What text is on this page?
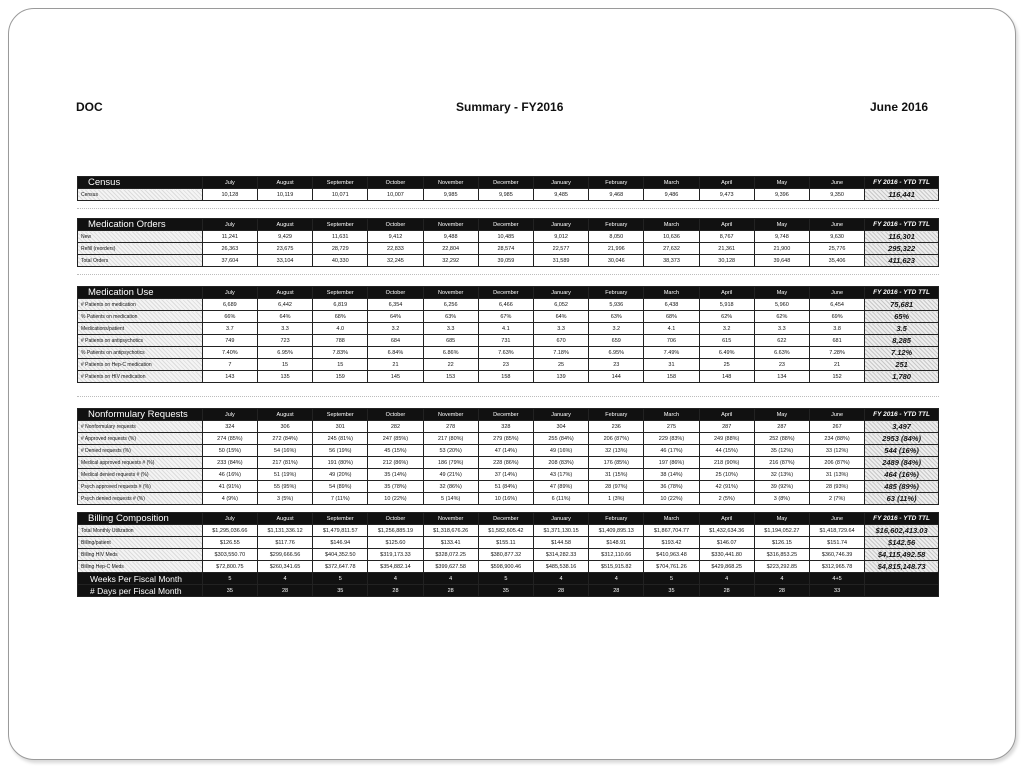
DOC	Summary - FY2016	June 2016
Census	July	August	September	October	November	December	January	February	March	April	May	June	FY 2016 - YTD TTL
Census	10,128	10,119	10,071	10,007	9,985	9,985	9,485	9,468	9,486	9,473	9,396	9,350	116,441
Medication Orders	July	August	September	October	November	December	January	February	March	April	May	June	FY 2016 - YTD TTL
New	11,241	9,429	11,631	9,412	9,488	10,485	9,012	8,050	10,636	8,767	9,748	9,630	116,301
Refill (reorders)	26,363	23,675	28,729	22,833	22,804	28,574	22,577	21,996	27,632	21,361	21,900	25,776	295,322
Total Orders	37,604	33,104	40,330	32,245	32,292	39,059	31,589	30,046	38,373	30,128	39,648	35,406	411,623
Medication Use	July	August	September	October	November	December	January	February	March	April	May	June	FY 2016 - YTD TTL
# Patients on medication	6,689	6,442	6,819	6,354	6,256	6,466	6,052	5,936	6,438	5,918	5,960	6,454	75,681
% Patients on medication	66%	64%	68%	64%	63%	67%	64%	63%	68%	62%	62%	69%	65%
Medications/patient	3.7	3.3	4.0	3.2	3.3	4.1	3.3	3.2	4.1	3.2	3.3	3.8	3.5
# Patients on antipsychotics	749	723	788	684	685	731	670	659	706	615	622	681	8,285
% Patients on antipsychotics	7.40%	6.95%	7.83%	6.84%	6.86%	7.63%	7.18%	6.95%	7.49%	6.49%	6.63%	7.28%	7.12%
# Patients on Hep-C medication	7	15	15	21	22	23	25	23	31	25	23	21	251
# Patients on HIV medication	143	135	159	145	153	158	139	144	158	148	134	152	1,780
Nonformulary Requests	July	August	September	October	November	December	January	February	March	April	May	June	FY 2016 - YTD TTL
# Nonformulary requests	324	306	301	282	278	328	304	236	275	287	287	267	3,497
# Approved requests (%)	274 (85%)	272 (84%)	245 (81%)	247 (85%)	217 (80%)	279 (85%)	255 (84%)	206 (87%)	229 (83%)	249 (88%)	252 (88%)	234 (88%)	2953 (84%)
# Denied requests (%)	50 (15%)	54 (16%)	56 (19%)	45 (15%)	53 (20%)	47 (14%)	49 (16%)	32 (13%)	46 (17%)	44 (15%)	35 (12%)	33 (12%)	544 (16%)
Medical approved requests # (%)	233 (84%)	217 (81%)	191 (80%)	212 (86%)	186 (79%)	228 (86%)	208 (83%)	176 (85%)	197 (86%)	218 (90%)	216 (87%)	206 (87%)	2489 (84%)
Medical denied requests # (%)	46 (16%)	51 (19%)	49 (20%)	35 (14%)	49 (21%)	37 (14%)	43 (17%)	31 (15%)	38 (14%)	25 (10%)	32 (13%)	31 (13%)	464 (16%)
Psych approved requests # (%)	41 (91%)	55 (95%)	54 (89%)	35 (78%)	32 (86%)	51 (84%)	47 (89%)	28 (97%)	36 (78%)	42 (91%)	39 (92%)	28 (93%)	485 (89%)
Psych denied requests # (%)	4 (9%)	3 (5%)	7 (11%)	10 (22%)	5 (14%)	10 (16%)	6 (11%)	1 (3%)	10 (22%)	2 (5%)	3 (8%)	2 (7%)	63 (11%)
Billing Composition	July	August	September	October	November	December	January	February	March	April	May	June	FY 2016 - YTD TTL
Total Monthly Utilization	$1,295,036.66	$1,131,336.12	$1,479,811.57	$1,256,885.19	$1,318,676.26	$1,582,605.42	$1,371,130.15	$1,409,895.13	$1,867,704.77	$1,432,634.36	$1,194,052.27	$1,418,729.64	$16,602,413.03
Billing/patient	$126.55	$117.76	$146.94	$125.60	$133.41	$155.11	$144.58	$148.91	$193.42	$146.07	$126.15	$151.74	$142.56
Billing HIV Meds	$303,550.70	$299,666.56	$404,352.50	$319,173.33	$328,072.25	$380,877.32	$314,282.33	$312,110.66	$410,963.48	$330,441.80	$316,853.25	$360,746.39	$4,115,492.58
Billing Hep-C Meds	$72,800.75	$260,341.65	$372,647.78	$354,882.14	$399,627.58	$598,900.46	$485,538.16	$515,915.82	$704,761.26	$429,868.25	$223,292.85	$312,965.78	$4,815,148.73
Weeks Per Fiscal Month	5	4	5	4	4	5	4	4	5	4	4	4+5	
# Days per Fiscal Month	35	28	35	28	28	35	28	28	35	28	28	33	
